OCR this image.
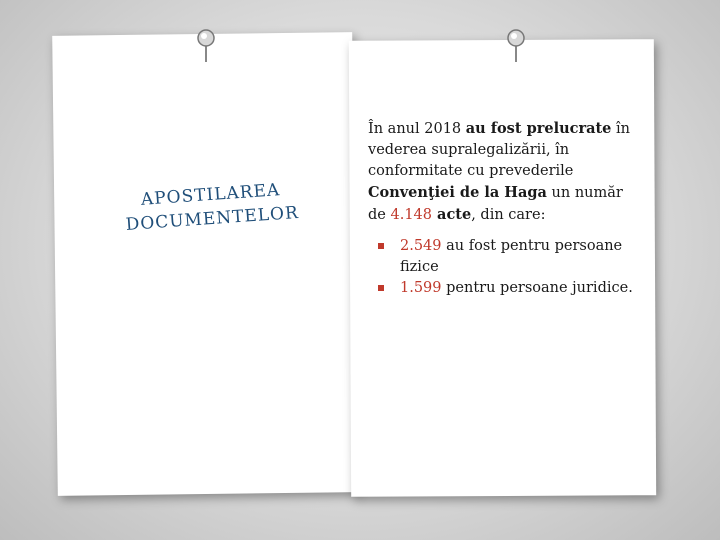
APOSTILAREA
DOCUMENTELOR

În anul 2018 au fost prelucrate în vederea supralegalizării, în conformitate cu prevederile Convenţiei de la Haga un număr de 4.148 acte, din care:

2.549 au fost pentru persoane fizice
1.599 pentru persoane juridice.
